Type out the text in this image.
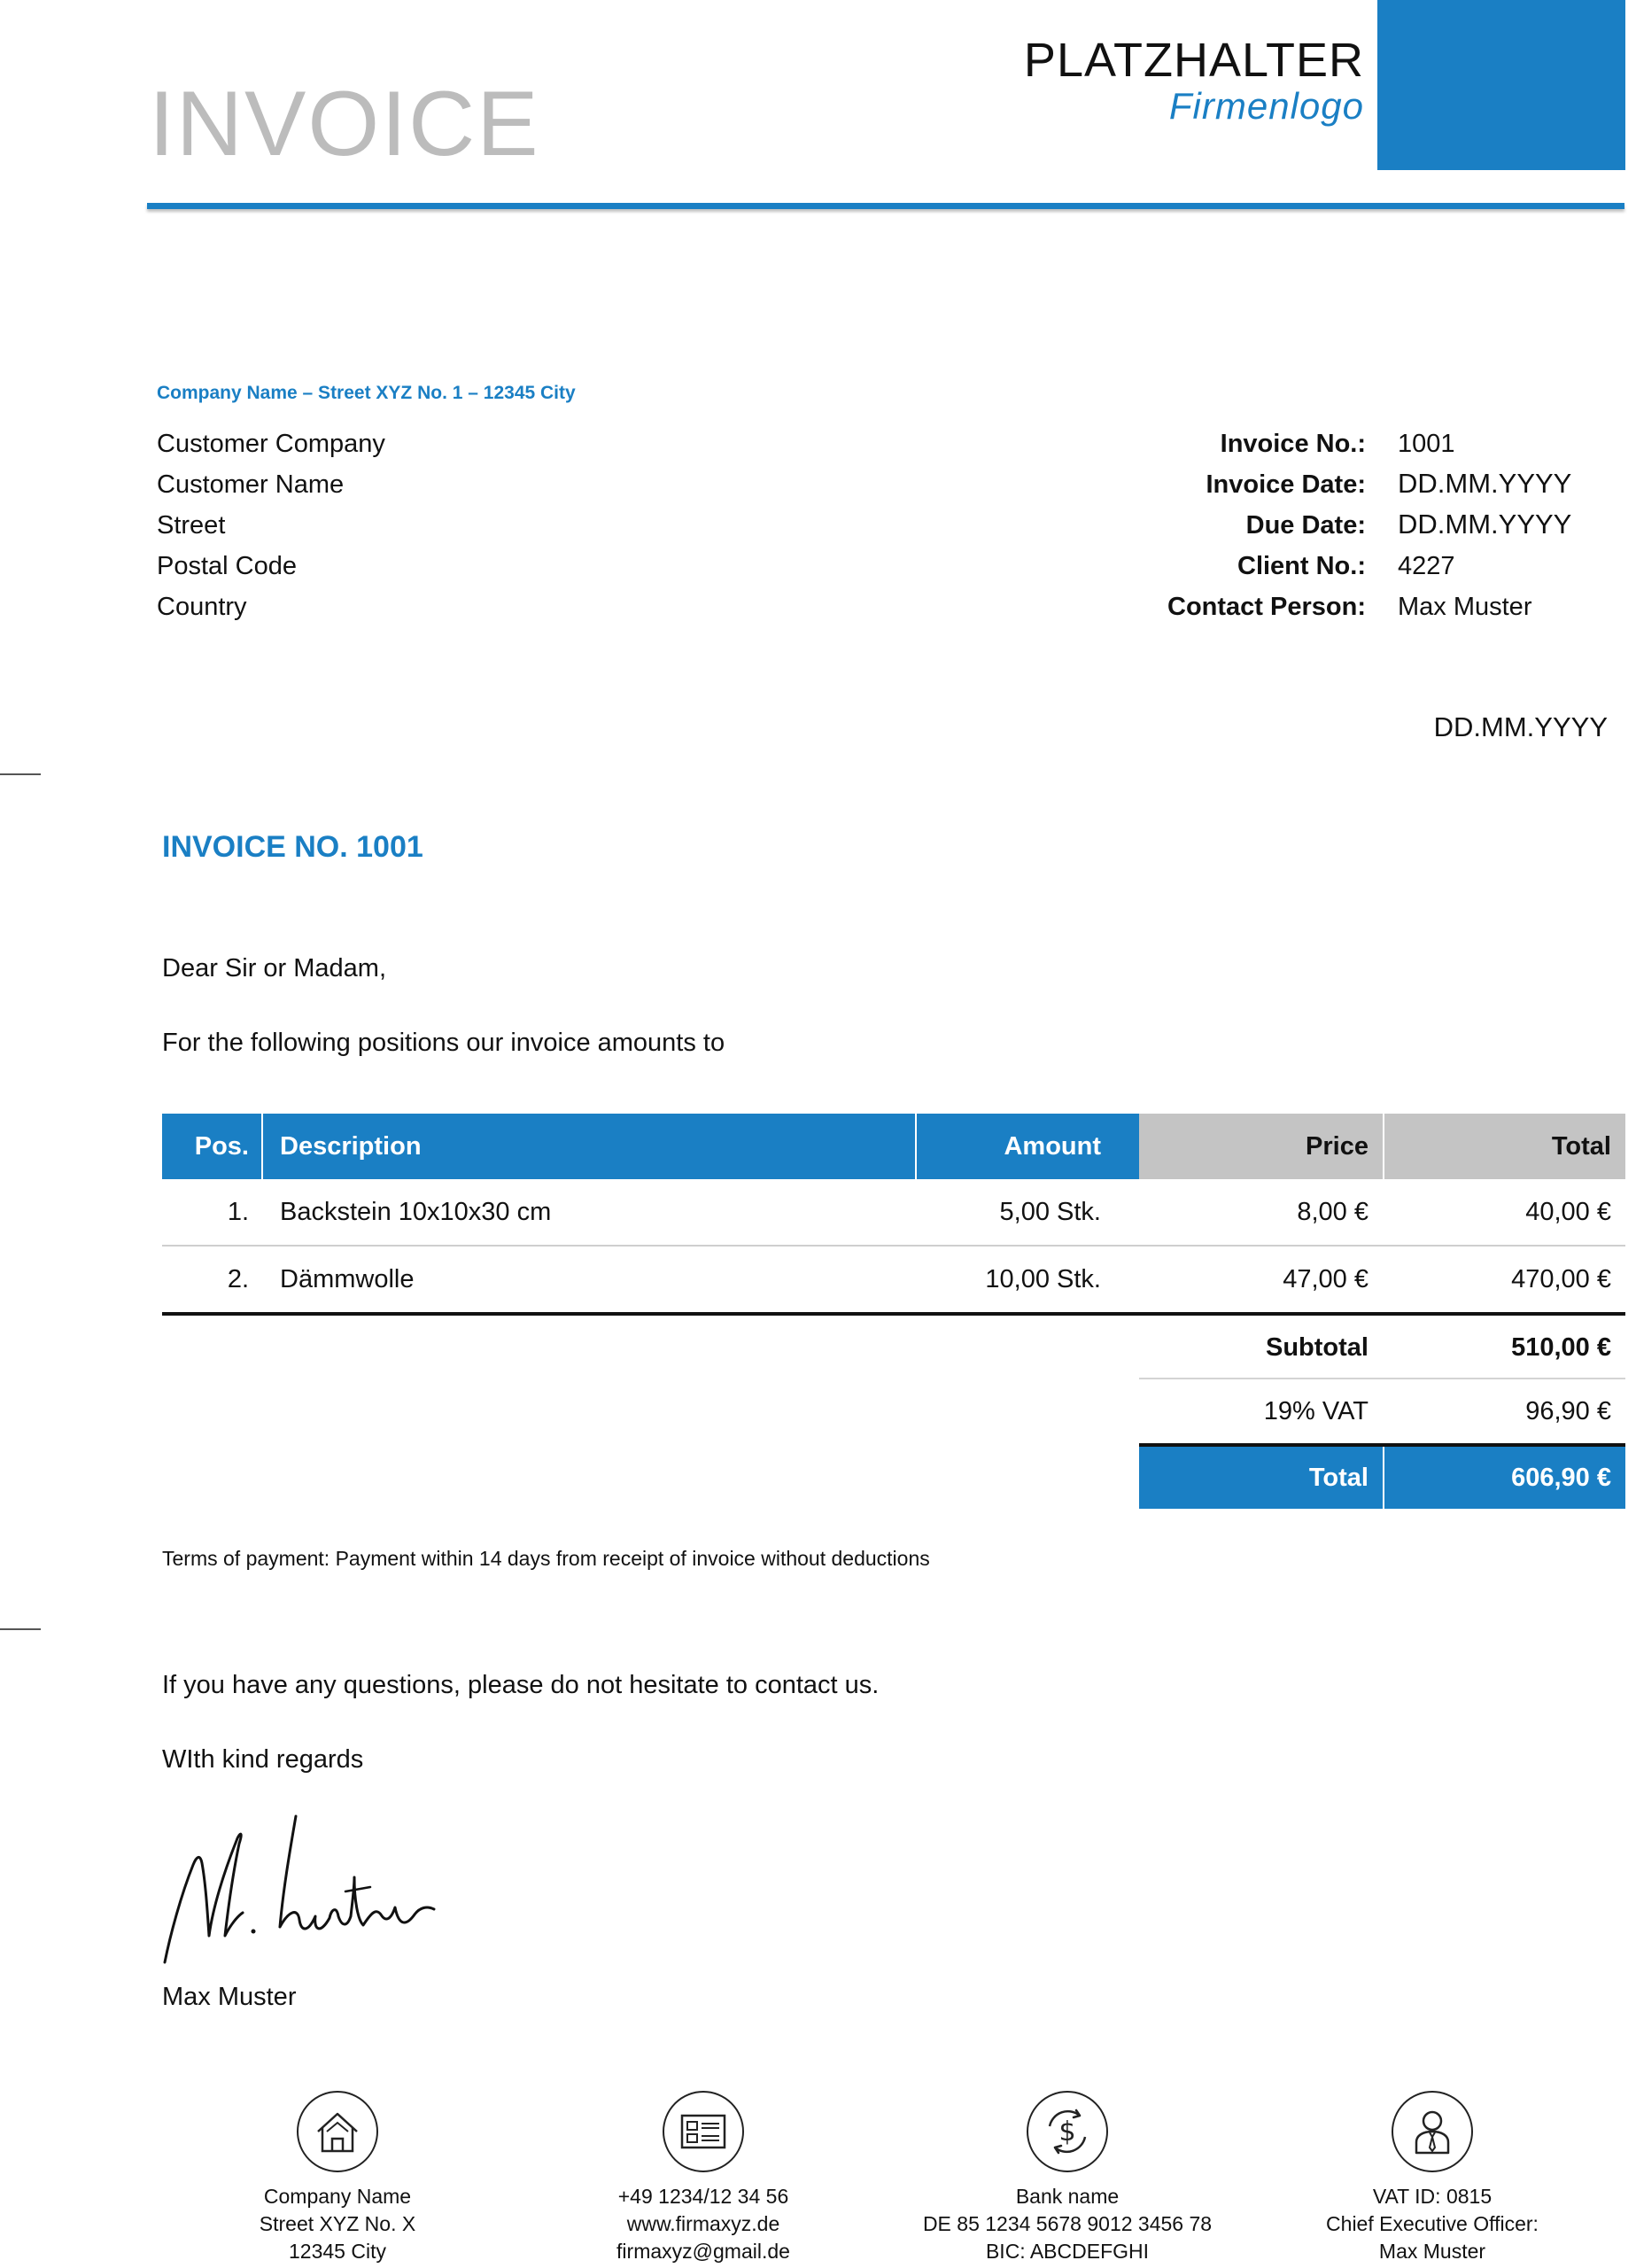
INVOICE
PLATZHALTER
Firmenlogo
Company Name – Street XYZ No. 1 – 12345 City
Customer Company
Customer Name
Street
Postal Code
Country
Invoice No.: 1001
Invoice Date: DD.MM.YYYY
Due Date: DD.MM.YYYY
Client No.: 4227
Contact Person: Max Muster
DD.MM.YYYY
INVOICE NO. 1001
Dear Sir or Madam,
For the following positions our invoice amounts to
Pos.	Description	Amount	Price	Total
1.	Backstein 10x10x30 cm	5,00 Stk.	8,00 €	40,00 €
2.	Dämmwolle	10,00 Stk.	47,00 €	470,00 €
Subtotal	510,00 €
19% VAT	96,90 €
Total	606,90 €
Terms of payment: Payment within 14 days from receipt of invoice without deductions
If you have any questions, please do not hesitate to contact us.
WIth kind regards
Max Muster
Company Name
Street XYZ No. X
12345 City
+49 1234/12 34 56
www.firmaxyz.de
firmaxyz@gmail.de
$
Bank name
DE 85 1234 5678 9012 3456 78
BIC: ABCDEFGHI
VAT ID: 0815
Chief Executive Officer:
Max Muster
